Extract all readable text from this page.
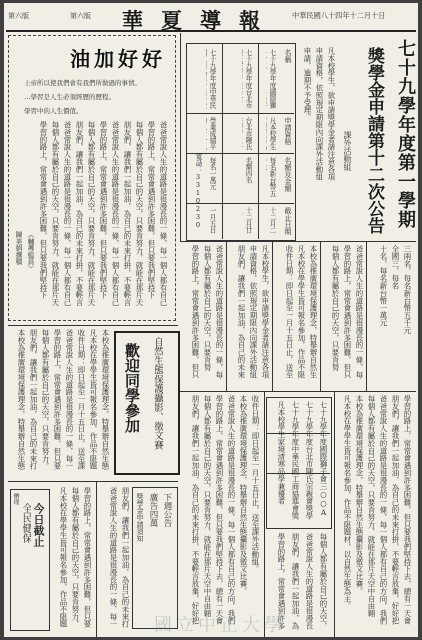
第六版	第六版 華夏導報 中華民國八十四年十二月十日
七十九學年度第一學期
獎學金申請第十二次公告
課外活動組
凡本校學生，欲申請獎學金者請注意各項
申請資格，依照規定期限內向課外活動組
申請，逾期不予受理。
名稱
申請資格
名額及金額
截止日期
七十九學年度國際獅
凡本校學生
每名新台幣五
十二月二
七十九學年度台北市
台北市陳氏
名額四名
十二月廿
七十九學年度中華民
學業成績平
每名一萬元
一月五日
電話：3310230
三兩名，每名新台幣五千元
全國三，每名
十名，每名新台幣一萬元
爸爸常說人生的道路是很漫長的一條，每
學習的路上，常常會遇到許多困難，但只
每個人都有屬於自己的天空，只要肯努
本校為推廣環境保護理念，特舉辦自然生
凡本校在學學生皆可報名參加，作品不限
收件日期：即日起至一月十五日止，送至
凡本校學生，欲申請獎學金者請注意各項
申請資格，依照規定期限內向課外活動組
朋友們，讓我們一起加油，為自己的未來
爸爸常說人生的道路是很漫長的一條，每
每個人都有屬於自己的天空，只要肯努
學習的路上，常常會遇到許多困難，但只
學習的路上，常常會遇到許多困難，但只要我們堅持下去，總有一天會
朋友們，讓我們一起加油，為自己的未來打拼，不要輕言放棄，好好把
爸爸常說人生的道路是很漫長的一條，每一個人都有自己的方向，我們
每個人都有屬於自己的天空，只要肯努力，就能在那片天空中自由翱
本校為推廣環境保護理念，特舉辦自然生態攝影及徵文比賽。
凡本校在學學生皆可報名參加，作品不限題材，以自然生態為主。
七十九學年度國際獅子會三○○A
七十九學年度台北市陳氏宗親會獎學
七十九學年度中華民國工商協進會獎
凡本校學生家境清寒品學兼優者
每個人都有屬於自己的天空，
爸爸常說人生的道路是很漫長
朋友們，讓我們一起加油，為
學習的路上，常常會遇到許多
收件日期：即日起至一月十五日止，送至課外活動組。
本校為推廣環境保護理念，特舉辦自然生態攝影及徵文比賽。
爸爸常說人生的道路是很漫長的一條，每一個人都有自己的方向，我們
學習的路上，常常會遇到許多困難，但只要我們堅持下去，總有一天會
每個人都有屬於自己的天空，只要肯努力，就能在那片天空中自由翱
朋友們，讓我們一起加油，為自己的未來打拼，不要輕言放棄，好好把
油加好好
上帝所以使我們會有我們所做過的事情。
…學習是人生必須經歷的歷程。
學習中的人生價值。
爸爸常說人生的道路是很漫長的一條，每一個人都有自己
學習的路上，常常會遇到許多困難，但只要我們堅持下
每個人都有屬於自己的天空，只要肯努力，就能在那片天
朋友們，讓我們一起加油，為自己的未來打拼，不要輕言
爸爸常說人生的道路是很漫長的一條，每一個人都有自己
學習的路上，常常會遇到許多困難，但只要我們堅持下
每個人都有屬於自己的天空，只要肯努力，就能在那片天
朋友們，讓我們一起加油，為自己的未來打拼，不要輕言
爸爸常說人生的道路是很漫長的一條，每一個人都有自己
每個人都有屬於自己的天空，只要肯努力，就能在那片天
學習的路上，常常會遇到許多困難，但只要我們堅持下
（輔導組員）
陳美娟撰稿
自然生態保護攝影、徵文賽
歡迎同學參加
本校為推廣環境保護理念，特舉辦自然生態
凡本校在學學生皆可報名參加，作品不限題
收件日期：即日起至一月十五日止，送至課
爸爸常說人生的道路是很漫長的一條，每一
學習的路上，常常會遇到許多困難，但只要
每個人都有屬於自己的天空，只要肯努力，
朋友們，讓我們一起加油，為自己的未來打
本校為推廣環境保護理念，特舉辦自然生態
下週公告
廣告四萬
獎學金申請須知
朋友們，讓我們一起加油，為自己的未來打
爸爸常說人生的道路是很漫長的一條，每一
今日截止
全民健保
辦理
學習的路上，常常會遇到許多困難，但只要
每個人都有屬於自己的天空，只要肯努力，
凡本校在學學生皆可報名參加，作品不限題	國立中正大學
